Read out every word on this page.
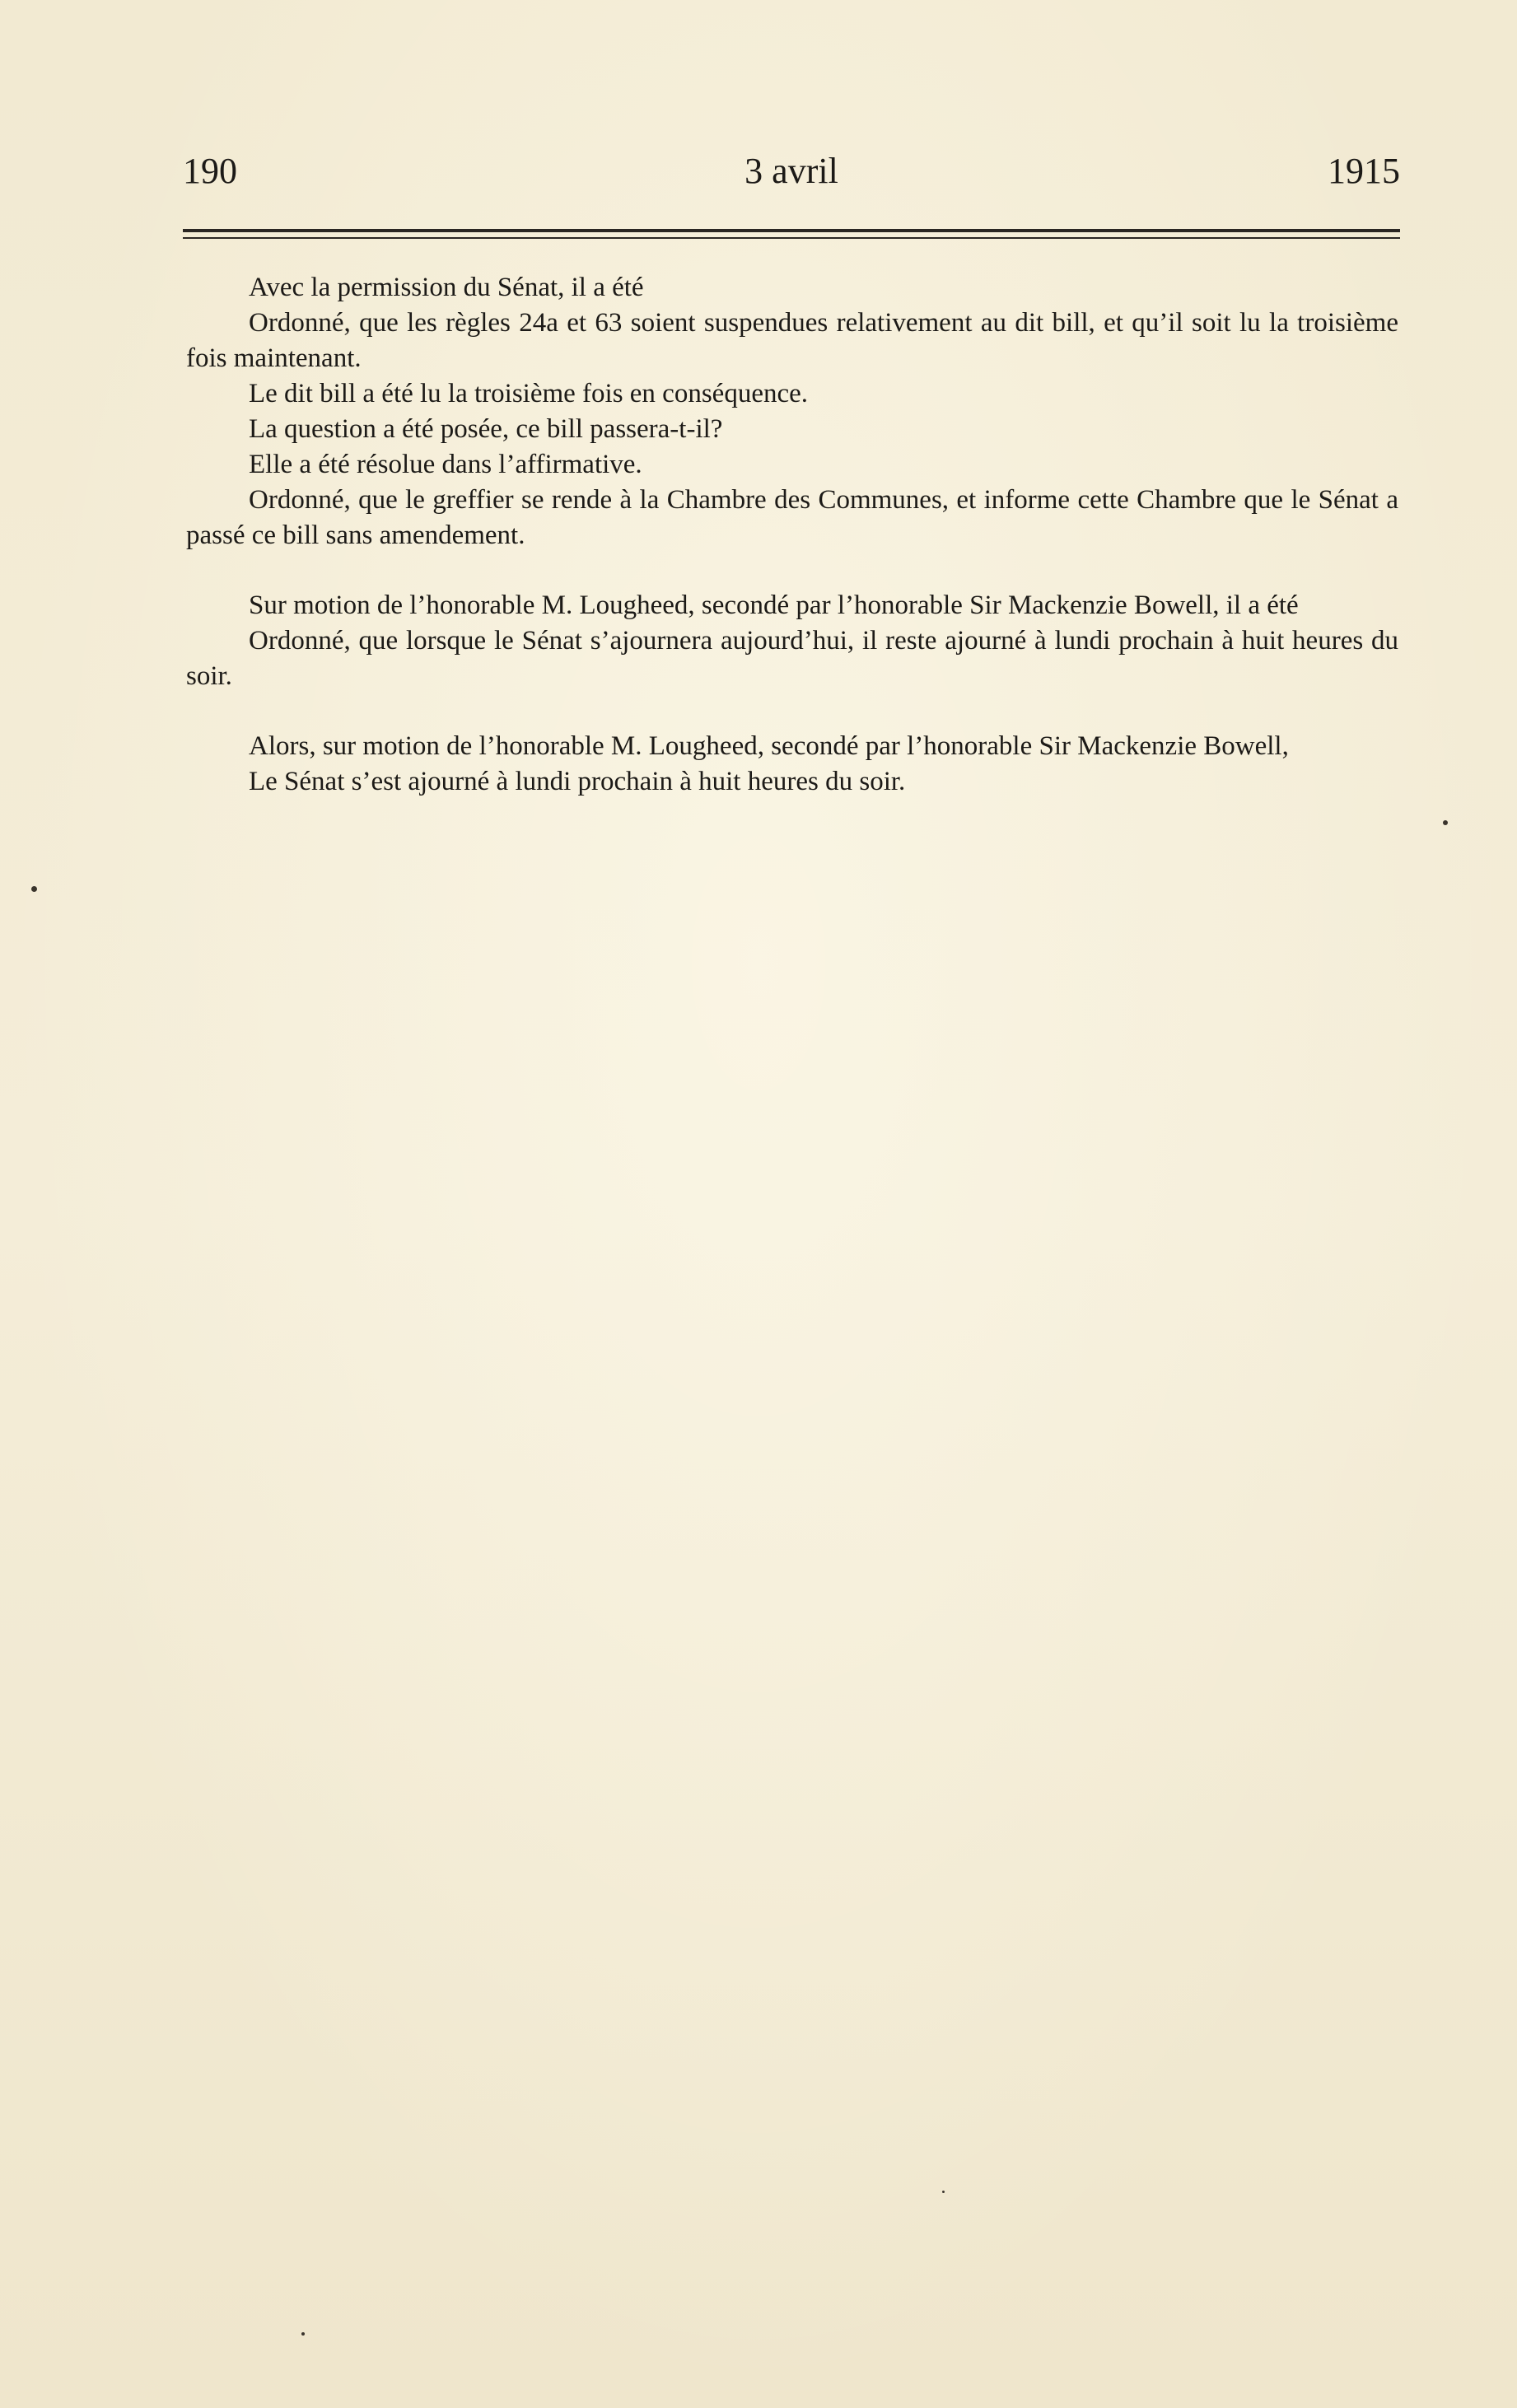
190	3 avril	1915

Avec la permission du Sénat, il a été

Ordonné, que les règles 24a et 63 soient suspendues relativement au dit bill, et qu’il soit lu la troisième fois maintenant.

Le dit bill a été lu la troisième fois en conséquence.

La question a été posée, ce bill passera-t-il?

Elle a été résolue dans l’affirmative.

Ordonné, que le greffier se rende à la Chambre des Communes, et informe cette Chambre que le Sénat a passé ce bill sans amendement.

Sur motion de l’honorable M. Lougheed, secondé par l’honorable Sir Mackenzie Bowell, il a été

Ordonné, que lorsque le Sénat s’ajournera aujourd’hui, il reste ajourné à lundi prochain à huit heures du soir.

Alors, sur motion de l’honorable M. Lougheed, secondé par l’honorable Sir Mackenzie Bowell,

Le Sénat s’est ajourné à lundi prochain à huit heures du soir.
